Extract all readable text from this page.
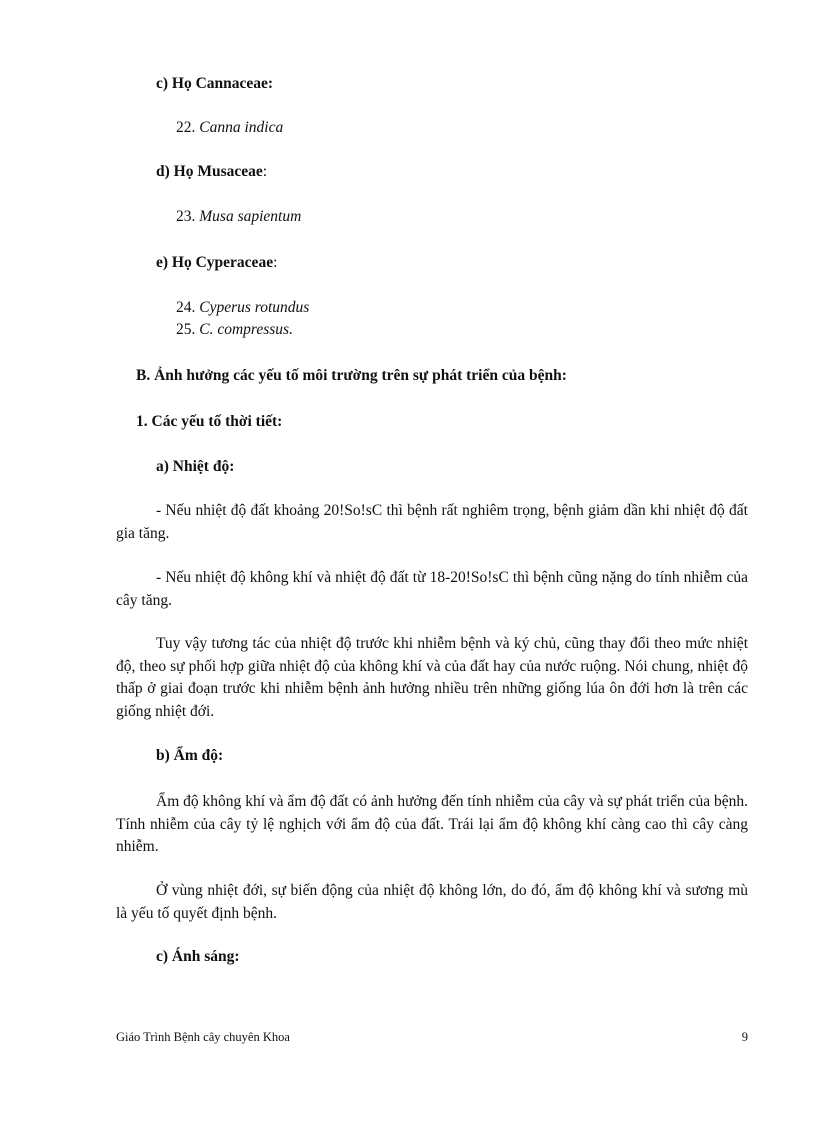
c) Họ Cannaceae:
22. Canna indica
d) Họ Musaceae:
23. Musa sapientum
e) Họ Cyperaceae:
24. Cyperus rotundus
25. C. compressus.
B. Ảnh hưởng các yếu tố môi trường trên sự phát triển của bệnh:
1. Các yếu tố thời tiết:
a) Nhiệt độ:
- Nếu nhiệt độ đất khoảng 20!So!sC thì bệnh rất nghiêm trọng, bệnh giảm dần khi nhiệt độ đất gia tăng.
- Nếu nhiệt độ không khí và nhiệt độ đất từ 18-20!So!sC thì bệnh cũng nặng do tính nhiễm của cây tăng.
Tuy vậy tương tác của nhiệt độ trước khi nhiễm bệnh và ký chủ, cũng thay đổi theo mức nhiệt độ, theo sự phối hợp giữa nhiệt độ của không khí và của đất hay của nước ruộng. Nói chung, nhiệt độ thấp ở giai đoạn trước khi nhiễm bệnh ảnh hưởng nhiều trên những giống lúa ôn đới hơn là trên các giống nhiệt đới.
b) Ẩm độ:
Ẩm độ không khí và ẩm độ đất có ảnh hưởng đến tính nhiễm của cây và sự phát triển của bệnh. Tính nhiễm của cây tỷ lệ nghịch với ẩm độ của đất. Trái lại ẩm độ không khí càng cao thì cây càng nhiễm.
Ở vùng nhiệt đới, sự biến động của nhiệt độ không lớn, do đó, ẩm độ không khí và sương mù là yếu tố quyết định bệnh.
c) Ánh sáng:
Giáo Trình Bệnh cây chuyên Khoa	9
